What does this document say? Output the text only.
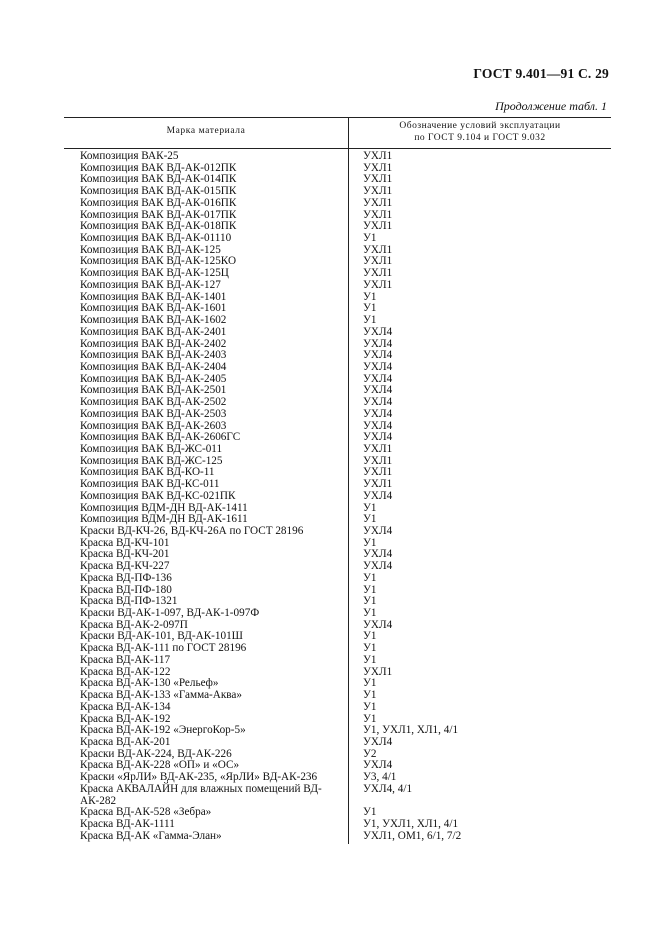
ГОСТ 9.401—91 С. 29
Продолжение табл. 1
Марка материала	Обозначение условий эксплуатации
по ГОСТ 9.104 и ГОСТ 9.032
Композиция ВАК-25	УХЛ1
Композиция ВАК ВД-АК-012ПК	УХЛ1
Композиция ВАК ВД-АК-014ПК	УХЛ1
Композиция ВАК ВД-АК-015ПК	УХЛ1
Композиция ВАК ВД-АК-016ПК	УХЛ1
Композиция ВАК ВД-АК-017ПК	УХЛ1
Композиция ВАК ВД-АК-018ПК	УХЛ1
Композиция ВАК ВД-АК-01110	У1
Композиция ВАК ВД-АК-125	УХЛ1
Композиция ВАК ВД-АК-125КО	УХЛ1
Композиция ВАК ВД-АК-125Ц	УХЛ1
Композиция ВАК ВД-АК-127	УХЛ1
Композиция ВАК ВД-АК-1401	У1
Композиция ВАК ВД-АК-1601	У1
Композиция ВАК ВД-АК-1602	У1
Композиция ВАК ВД-АК-2401	УХЛ4
Композиция ВАК ВД-АК-2402	УХЛ4
Композиция ВАК ВД-АК-2403	УХЛ4
Композиция ВАК ВД-АК-2404	УХЛ4
Композиция ВАК ВД-АК-2405	УХЛ4
Композиция ВАК ВД-АК-2501	УХЛ4
Композиция ВАК ВД-АК-2502	УХЛ4
Композиция ВАК ВД-АК-2503	УХЛ4
Композиция ВАК ВД-АК-2603	УХЛ4
Композиция ВАК ВД-АК-2606ГС	УХЛ4
Композиция ВАК ВД-ЖС-011	УХЛ1
Композиция ВАК ВД-ЖС-125	УХЛ1
Композиция ВАК ВД-КО-11	УХЛ1
Композиция ВАК ВД-КС-011	УХЛ1
Композиция ВАК ВД-КС-021ПК	УХЛ4
Композиция ВДМ-ДН ВД-АК-1411	У1
Композиция ВДМ-ДН ВД-АК-1611	У1
Краски ВД-КЧ-26, ВД-КЧ-26А по ГОСТ 28196	УХЛ4
Краска ВД-КЧ-101	У1
Краска ВД-КЧ-201	УХЛ4
Краска ВД-КЧ-227	УХЛ4
Краска ВД-ПФ-136	У1
Краска ВД-ПФ-180	У1
Краска ВД-ПФ-1321	У1
Краски ВД-АК-1-097, ВД-АК-1-097Ф	У1
Краска ВД-АК-2-097П	УХЛ4
Краски ВД-АК-101, ВД-АК-101Ш	У1
Краска ВД-АК-111 по ГОСТ 28196	У1
Краска ВД-АК-117	У1
Краска ВД-АК-122	УХЛ1
Краска ВД-АК-130 «Рельеф»	У1
Краска ВД-АК-133 «Гамма-Аква»	У1
Краска ВД-АК-134	У1
Краска ВД-АК-192	У1
Краска ВД-АК-192 «ЭнергоКор-5»	У1, УХЛ1, ХЛ1, 4/1
Краска ВД-АК-201	УХЛ4
Краски ВД-АК-224, ВД-АК-226	У2
Краска ВД-АК-228 «ОП» и «ОС»	УХЛ4
Краски «ЯрЛИ» ВД-АК-235, «ЯрЛИ» ВД-АК-236	У3, 4/1
Краска АКВАЛАЙН для влажных помещений ВД-АК-282
УХЛ4, 4/1
Краска ВД-АК-528 «Зебра»	У1
Краска ВД-АК-1111	У1, УХЛ1, ХЛ1, 4/1
Краска ВД-АК «Гамма-Элан»	УХЛ1, ОМ1, 6/1, 7/2
